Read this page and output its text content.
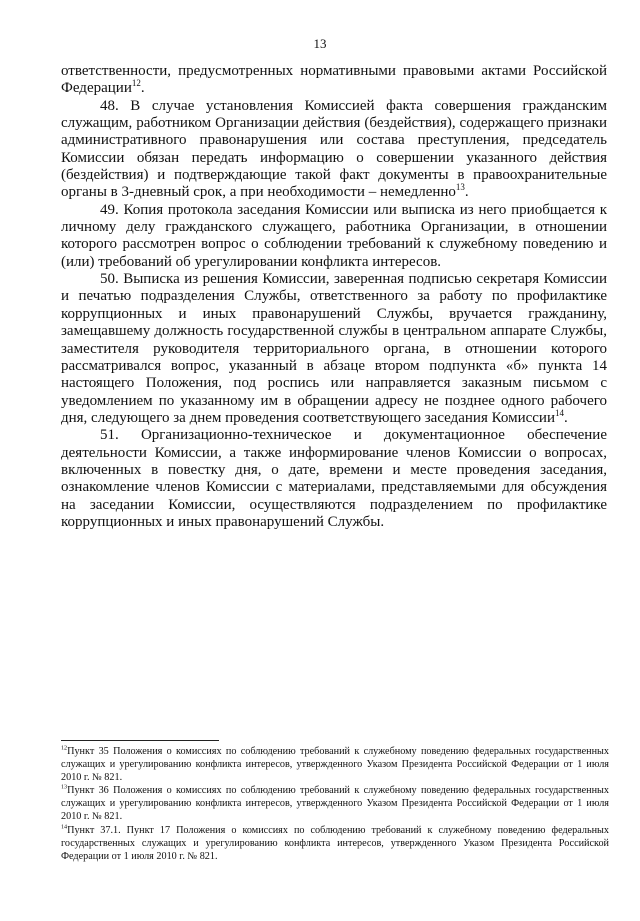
13

ответственности, предусмотренных нормативными правовыми актами Российской Федерации$^{12}$.

48. В случае установления Комиссией факта совершения гражданским служащим, работником Организации действия (бездействия), содержащего признаки административного правонарушения или состава преступления, председатель Комиссии обязан передать информацию о совершении указанного действия (бездействия) и подтверждающие такой факт документы в правоохранительные органы в 3-дневный срок, а при необходимости – немедленно$^{13}$.

49. Копия протокола заседания Комиссии или выписка из него приобщается к личному делу гражданского служащего, работника Организации, в отношении которого рассмотрен вопрос о соблюдении требований к служебному поведению и (или) требований об урегулировании конфликта интересов.

50. Выписка из решения Комиссии, заверенная подписью секретаря Комиссии и печатью подразделения Службы, ответственного за работу по профилактике коррупционных и иных правонарушений Службы, вручается гражданину, замещавшему должность государственной службы в центральном аппарате Службы, заместителя руководителя территориального органа, в отношении которого рассматривался вопрос, указанный в абзаце втором подпункта «б» пункта 14 настоящего Положения, под роспись или направляется заказным письмом с уведомлением по указанному им в обращении адресу не позднее одного рабочего дня, следующего за днем проведения соответствующего заседания Комиссии$^{14}$.

51. Организационно-техническое и документационное обеспечение деятельности Комиссии, а также информирование членов Комиссии о вопросах, включенных в повестку дня, о дате, времени и месте проведения заседания, ознакомление членов Комиссии с материалами, представляемыми для обсуждения на заседании Комиссии, осуществляются подразделением по профилактике коррупционных и иных правонарушений Службы.

$^{12}$Пункт 35 Положения о комиссиях по соблюдению требований к служебному поведению федеральных государственных служащих и урегулированию конфликта интересов, утвержденного Указом Президента Российской Федерации от 1 июля 2010 г. № 821.

$^{13}$Пункт 36 Положения о комиссиях по соблюдению требований к служебному поведению федеральных государственных служащих и урегулированию конфликта интересов, утвержденного Указом Президента Российской Федерации от 1 июля 2010 г. № 821.

$^{14}$Пункт 37.1. Пункт 17 Положения о комиссиях по соблюдению требований к служебному поведению федеральных государственных служащих и урегулированию конфликта интересов, утвержденного Указом Президента Российской Федерации от 1 июля 2010 г. № 821.
